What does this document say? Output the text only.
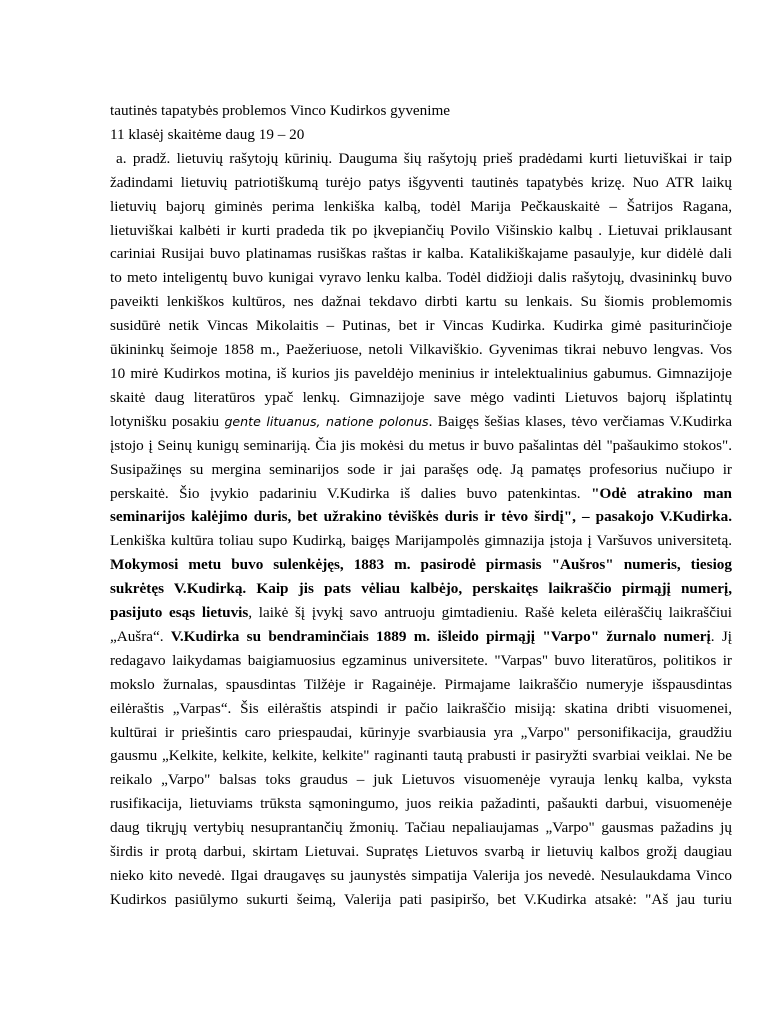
tautinės tapatybės problemos Vinco Kudirkos gyvenime
11 klasėj skaitėme daug 19 – 20
a. pradž. lietuvių rašytojų kūrinių. Dauguma šių rašytojų prieš pradėdami kurti lietuviškai ir taip
žadindami lietuvių patriotiškumą turėjo patys išgyventi tautinės tapatybės krizę. Nuo ATR laikų
lietuvių bajorų giminės perima lenkiška kalbą, todėl Marija Pečkauskaitė – Šatrijos Ragana,
lietuviškai kalbėti ir kurti pradeda tik po įkvepiančių Povilo Višinskio kalbų . Lietuvai priklausant
cariniai Rusijai buvo platinamas rusiškas raštas ir kalba. Katalikiškajame pasaulyje, kur didėlė dali
to meto inteligentų buvo kunigai vyravo lenku kalba. Todėl didžioji dalis rašytojų, dvasininkų buvo
paveikti lenkiškos kultūros, nes dažnai tekdavo dirbti kartu su lenkais. Su šiomis problemomis
susidūrė netik Vincas Mikolaitis – Putinas, bet ir Vincas Kudirka. Kudirka gimė pasiturinčioje
ūkininkų šeimoje 1858 m., Paežeriuose, netoli Vilkaviškio. Gyvenimas tikrai nebuvo lengvas. Vos
10 mirė Kudirkos motina, iš kurios jis paveldėjo meninius ir intelektualinius gabumus. Gimnazijoje
skaitė daug literatūros ypač lenkų. Gimnazijoje save mėgo vadinti Lietuvos bajorų išplatintų
lotynišku posakiu gente lituanus, natione polonus. Baigęs šešias klases, tėvo verčiamas V.Kudirka
įstojo į Seinų kunigų seminariją. Čia jis mokėsi du metus ir buvo pašalintas dėl "pašaukimo stokos".
Susipažinęs su mergina seminarijos sode ir jai parašęs odę. Ją pamatęs profesorius nučiupo ir
perskaitė. Šio įvykio padariniu V.Kudirka iš dalies buvo patenkintas. "Odė atrakino man
seminarijos kalėjimo duris, bet užrakino tėviškės duris ir tėvo širdį", – pasakojo V.Kudirka.
Lenkiška kultūra toliau supo Kudirką, baigęs Marijampolės gimnazija įstoja į Varšuvos universitetą.
Mokymosi metu buvo sulenkėjęs, 1883 m. pasirodė pirmasis "Aušros" numeris, tiesiog
sukrėtęs V.Kudirką. Kaip jis pats vėliau kalbėjo, perskaitęs laikraščio pirmąjį numerį,
pasijuto esąs lietuvis, laikė šį įvykį savo antruoju gimtadieniu. Rašė keleta eilėraščių laikraščiui
„Aušra“. V.Kudirka su bendraminčiais 1889 m. išleido pirmąjį "Varpo" žurnalo numerį. Jį
redagavo laikydamas baigiamuosius egzaminus universitete. "Varpas" buvo literatūros, politikos ir
mokslo žurnalas, spausdintas Tilžėje ir Ragainėje. Pirmajame laikraščio numeryje išspausdintas
eilėraštis „Varpas“. Šis eilėraštis atspindi ir pačio laikraščio misiją: skatina dribti visuomenei,
kultūrai ir priešintis caro priespaudai, kūrinyje svarbiausia yra „Varpo" personifikacija, graudžiu
gausmu „Kelkite, kelkite, kelkite, kelkite" raginanti tautą prabusti ir pasiryžti svarbiai veiklai. Ne be
reikalo „Varpo" balsas toks graudus – juk Lietuvos visuomenėje vyrauja lenkų kalba, vyksta
rusifikacija, lietuviams trūksta sąmoningumo, juos reikia pažadinti, pašaukti darbui, visuomenėje
daug tikrųjų vertybių nesuprantančių žmonių. Tačiau nepaliaujamas „Varpo" gausmas pažadins jų
širdis ir protą darbui, skirtam Lietuvai. Supratęs Lietuvos svarbą ir lietuvių kalbos grožį daugiau
nieko kito nevedė. Ilgai draugavęs su jaunystės simpatija Valerija jos nevedė. Nesulaukdama Vinco
Kudirkos pasiūlymo sukurti šeimą, Valerija pati pasipiršo, bet V.Kudirka atsakė: "Aš jau turiu
